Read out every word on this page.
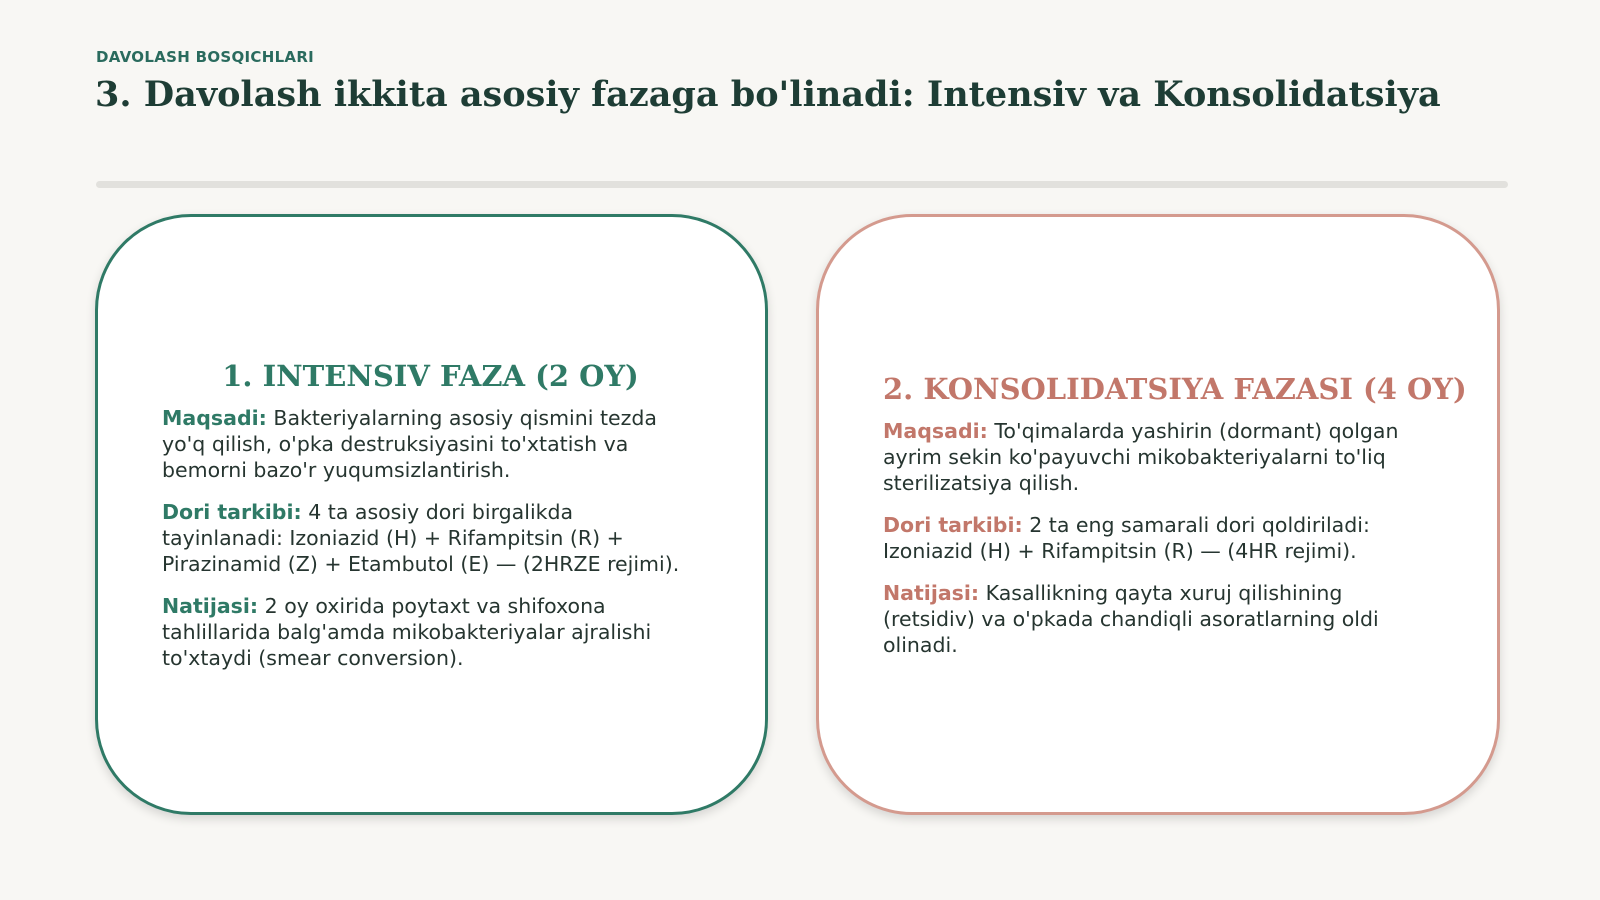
DAVOLASH BOSQICHLARI
3. Davolash ikkita asosiy fazaga bo'linadi: Intensiv va Konsolidatsiya
1. INTENSIV FAZA (2 OY)

Maqsadi: Bakteriyalarning asosiy qismini tezda yo'q qilish, o'pka destruksiyasini to'xtatish va bemorni bazo'r yuqumsizlantirish.

Dori tarkibi: 4 ta asosiy dori birgalikda tayinlanadi: Izoniazid (H) + Rifampitsin (R) + Pirazinamid (Z) + Etambutol (E) — (2HRZE rejimi).

Natijasi: 2 oy oxirida poytaxt va shifoxona tahlillarida balg'amda mikobakteriyalar ajralishi to'xtaydi (smear conversion).

2. KONSOLIDATSIYA FAZASI (4 OY)

Maqsadi: To'qimalarda yashirin (dormant) qolgan ayrim sekin ko'payuvchi mikobakteriyalarni to'liq sterilizatsiya qilish.

Dori tarkibi: 2 ta eng samarali dori qoldiriladi: Izoniazid (H) + Rifampitsin (R) — (4HR rejimi).

Natijasi: Kasallikning qayta xuruj qilishining (retsidiv) va o'pkada chandiqli asoratlarning oldi olinadi.
